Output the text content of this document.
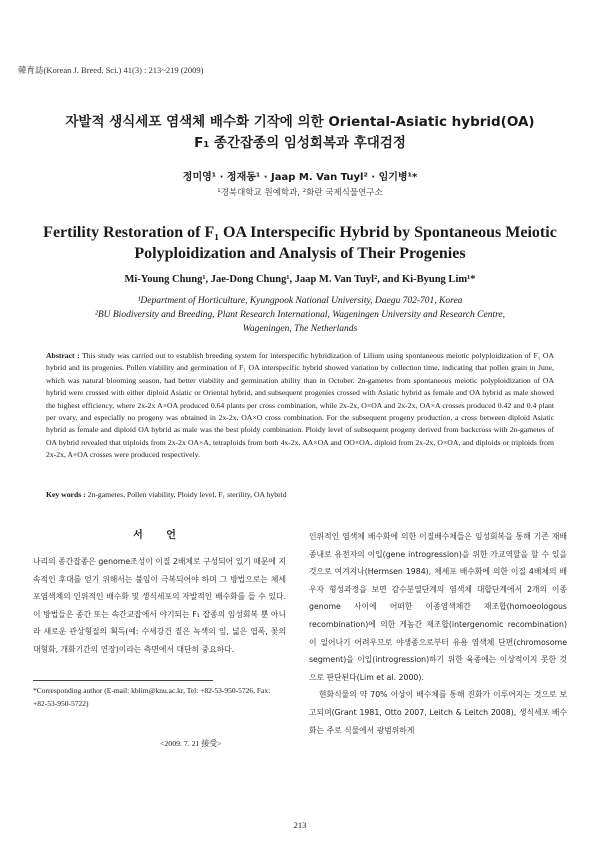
韓育誌(Korean J. Breed. Sci.) 41(3) : 213~219 (2009)
자발적 생식세포 염색체 배수화 기작에 의한 Oriental-Asiatic hybrid(OA)
F₁ 종간잡종의 임성회복과 후대검정
정미영¹ · 정재동¹ · Jaap M. Van Tuyl² · 임기병¹*
¹경북대학교 원예학과, ²화란 국제식물연구소
Fertility Restoration of F₁ OA Interspecific Hybrid by Spontaneous Meiotic
Polyploidization and Analysis of Their Progenies
Mi-Young Chung¹, Jae-Dong Chung¹, Jaap M. Van Tuyl², and Ki-Byung Lim¹*
¹Department of Horticulture, Kyungpook National University, Daegu 702-701, Korea
²BU Biodiversity and Breeding, Plant Research International, Wageningen University and Research Centre,
Wageningen, The Netherlands
Abstract : This study was carried out to establish breeding system for interspecific hybridization of Lilium using spontaneous meiotic polyploidization of F₁ OA hybrid and its progenies. Pollen viability and germination of F₁ OA interspecific hybrid showed variation by collection time, indicating that pollen grain in June, which was natural blooming season, had better viability and germination ability than in October. 2n-gametes from spontaneous meiotic polyploidization of OA hybrid were crossed with either diploid Asiatic or Oriental hybrid, and subsequent progenies crossed with Asiatic hybrid as female and OA hybrid as male showed the highest efficiency, where 2x-2x A×OA produced 0.64 plants per cross combination, while 2x-2x, O×OA and 2x-2x, OA×A crosses produced 0.42 and 0.4 plant per ovary, and especially no progeny was obtained in 2x-2x, OA×O cross combination. For the subsequent progeny production, a cross between diploid Asiatic hybrid as female and diploid OA hybrid as male was the best ploidy combination. Ploidy level of subsequent progeny derived from backcross with 2n-gametes of OA hybrid revealed that triploids from 2x-2x OA×A, tetraploids from both 4x-2x, AA×OA and OO×OA, diploid from 2x-2x, O×OA, and diploids or triploids from 2x-2x, A×OA crosses were produced respectively.
Key words : 2n-gametes, Pollen viability, Ploidy level, F₁ sterility, OA hybrid
서 언

나리의 종간잡종은 genome조성이 이질 2배체로 구성되어 있기 때문에 지속적인 후대를 얻기 위해서는 불임이 극복되어야 하며 그 방법으로는 체세포염색체의 인위적인 배수화 및 생식세포의 자발적인 배수화를 들 수 있다. 이 방법들은 종간 또는 속간교잡에서 야기되는 F₁ 잡종의 임성회복 뿐 아니라 새로운 관상형질의 획득(예: 수세강건 짙은 녹색의 잎, 넓은 엽폭, 꽃의 대형화, 개화기간의 연장)이라는 측면에서 대단히 중요하다.

*Corresponding author (E-mail: kblim@knu.ac.kr, Tel: +82-53-950-5726, Fax: +82-53-950-5722)
<2009. 7. 21 接受>

인위적인 염색체 배수화에 의한 이질배수체들은 임성회복을 통해 기존 재배종내로 유전자의 이입(gene introgression)을 위한 가교역할을 할 수 있을 것으로 여겨지나(Hermsen 1984), 체세포 배수화에 의한 이질 4배체의 배우자 형성과정을 보면 감수분열단계의 염색체 대합단계에서 2개의 이종 genome 사이에 어떠한 이종염색체간 재조합(homoeologous recombination)에 의한 게놈간 재조합(intergenomic recombination)이 일어나기 어려우므로 야생종으로부터 유용 염색체 단편(chromosome segment)을 이입(introgression)하기 위한 육종에는 이상적이지 못한 것으로 판단된다(Lim et al. 2000).

현화식물의 약 70% 이상이 배수체를 통해 진화가 이루어지는 것으로 보고되며(Grant 1981, Otto 2007, Leitch & Leitch 2008), 생식세포 배수화는 주로 식물에서 광범위하게

213
